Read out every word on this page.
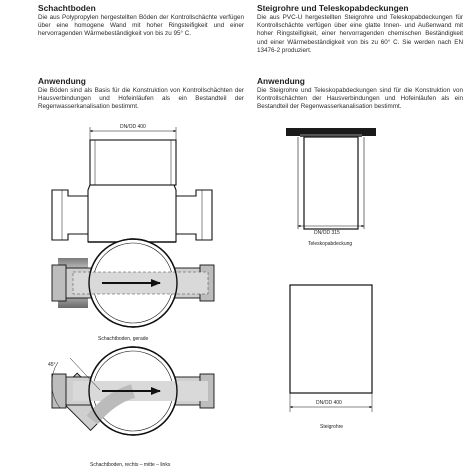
Schachtboden

Die aus Polypropylen hergestellten Böden der Kontrollschächte verfügen über eine homogene Wand mit hoher Ringsteifigkeit und einer hervorragenden Wärmebeständigkeit von bis zu 95° C.

Anwendung

Die Böden sind als Basis für die Konstruktion von Kontrollschächten der Hausverbindungen und Hofeinläufen als ein Bestandteil der Regenwasserkanalisation bestimmt.

Steigrohre und Teleskopabdeckungen

Die aus PVC-U hergestellten Steigrohre und Teleskopabdeckungen für Kontrollschächte verfügen über eine glatte Innen- und Außenwand mit hoher Ringsteifigkeit, einer hervorragenden chemischen Beständigkeit und einer Wärmebeständigkeit von bis zu 60° C. Sie werden nach EN 13476-2 produziert.

Anwendung

Die Steigrohre und Teleskopabdeckungen sind für die Konstruktion von Kontrollschächten der Hausverbindungen und Hofeinläufen als ein Bestandteil der Regenwasserkanalisation bestimmt.

DN/OD 400
Schachtboden, gerade
45°
Schachtboden, rechts – mitte – links
DN/OD 315
Teleskopabdeckung
DN/OD 400
Steigrohre
